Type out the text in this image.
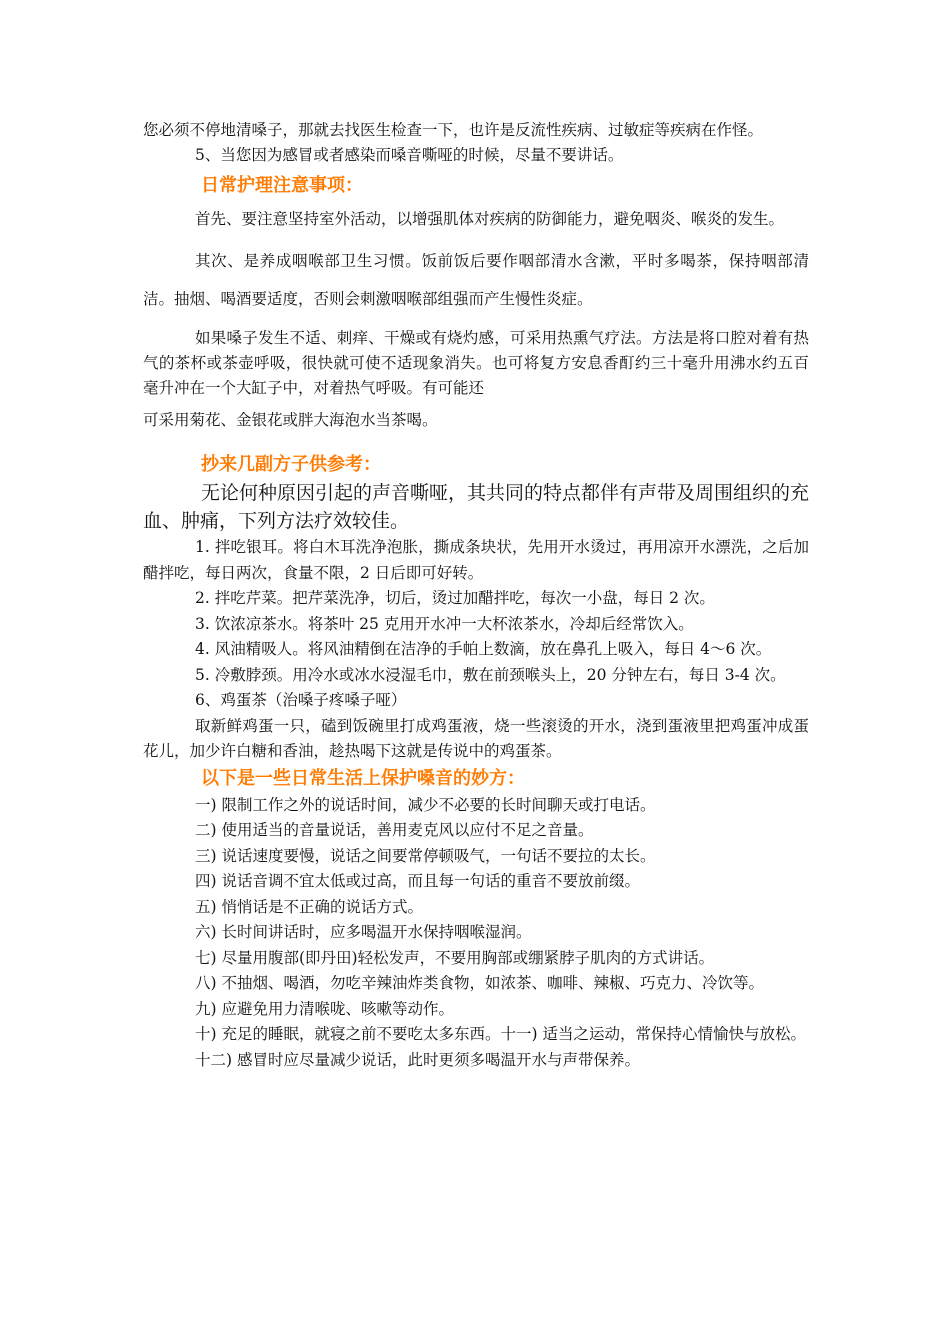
您必须不停地清嗓子，那就去找医生检查一下，也许是反流性疾病、过敏症等疾病在作怪。

5、当您因为感冒或者感染而嗓音嘶哑的时候，尽量不要讲话。

日常护理注意事项：

首先、要注意坚持室外活动，以增强肌体对疾病的防御能力，避免咽炎、喉炎的发生。

其次、是养成咽喉部卫生习惯。饭前饭后要作咽部清水含漱，平时多喝茶，保持咽部清洁。抽烟、喝酒要适度，否则会刺激咽喉部组强而产生慢性炎症。

如果嗓子发生不适、刺痒、干燥或有烧灼感，可采用热熏气疗法。方法是将口腔对着有热气的茶杯或茶壶呼吸，很快就可使不适现象消失。也可将复方安息香酊约三十毫升用沸水约五百毫升冲在一个大缸子中，对着热气呼吸。有可能还

可采用菊花、金银花或胖大海泡水当茶喝。

抄来几副方子供参考：

无论何种原因引起的声音嘶哑，其共同的特点都伴有声带及周围组织的充血、肿痛，下列方法疗效较佳。

1. 拌吃银耳。将白木耳洗净泡胀，撕成条块状，先用开水烫过，再用凉开水漂洗，之后加醋拌吃，每日两次，食量不限，2 日后即可好转。

2. 拌吃芹菜。把芹菜洗净，切后，烫过加醋拌吃，每次一小盘，每日 2 次。

3. 饮浓凉茶水。将茶叶 25 克用开水冲一大杯浓茶水，冷却后经常饮入。

4. 风油精吸人。将风油精倒在洁净的手帕上数滴，放在鼻孔上吸入，每日 4～6 次。

5. 冷敷脖颈。用冷水或冰水浸湿毛巾，敷在前颈喉头上，20 分钟左右，每日 3-4 次。

6、鸡蛋茶（治嗓子疼嗓子哑）

取新鲜鸡蛋一只，磕到饭碗里打成鸡蛋液，烧一些滚烫的开水，浇到蛋液里把鸡蛋冲成蛋花儿，加少许白糖和香油，趁热喝下这就是传说中的鸡蛋茶。

以下是一些日常生活上保护嗓音的妙方：

一) 限制工作之外的说话时间，减少不必要的长时间聊天或打电话。

二) 使用适当的音量说话，善用麦克风以应付不足之音量。

三) 说话速度要慢，说话之间要常停顿吸气，一句话不要拉的太长。

四) 说话音调不宜太低或过高，而且每一句话的重音不要放前缀。

五) 悄悄话是不正确的说话方式。

六) 长时间讲话时，应多喝温开水保持咽喉湿润。

七) 尽量用腹部(即丹田)轻松发声，不要用胸部或绷紧脖子肌肉的方式讲话。

八) 不抽烟、喝酒，勿吃辛辣油炸类食物，如浓茶、咖啡、辣椒、巧克力、冷饮等。

九) 应避免用力清喉咙、咳嗽等动作。

十) 充足的睡眠，就寝之前不要吃太多东西。十一) 适当之运动，常保持心情愉快与放松。

十二) 感冒时应尽量减少说话，此时更须多喝温开水与声带保养。
